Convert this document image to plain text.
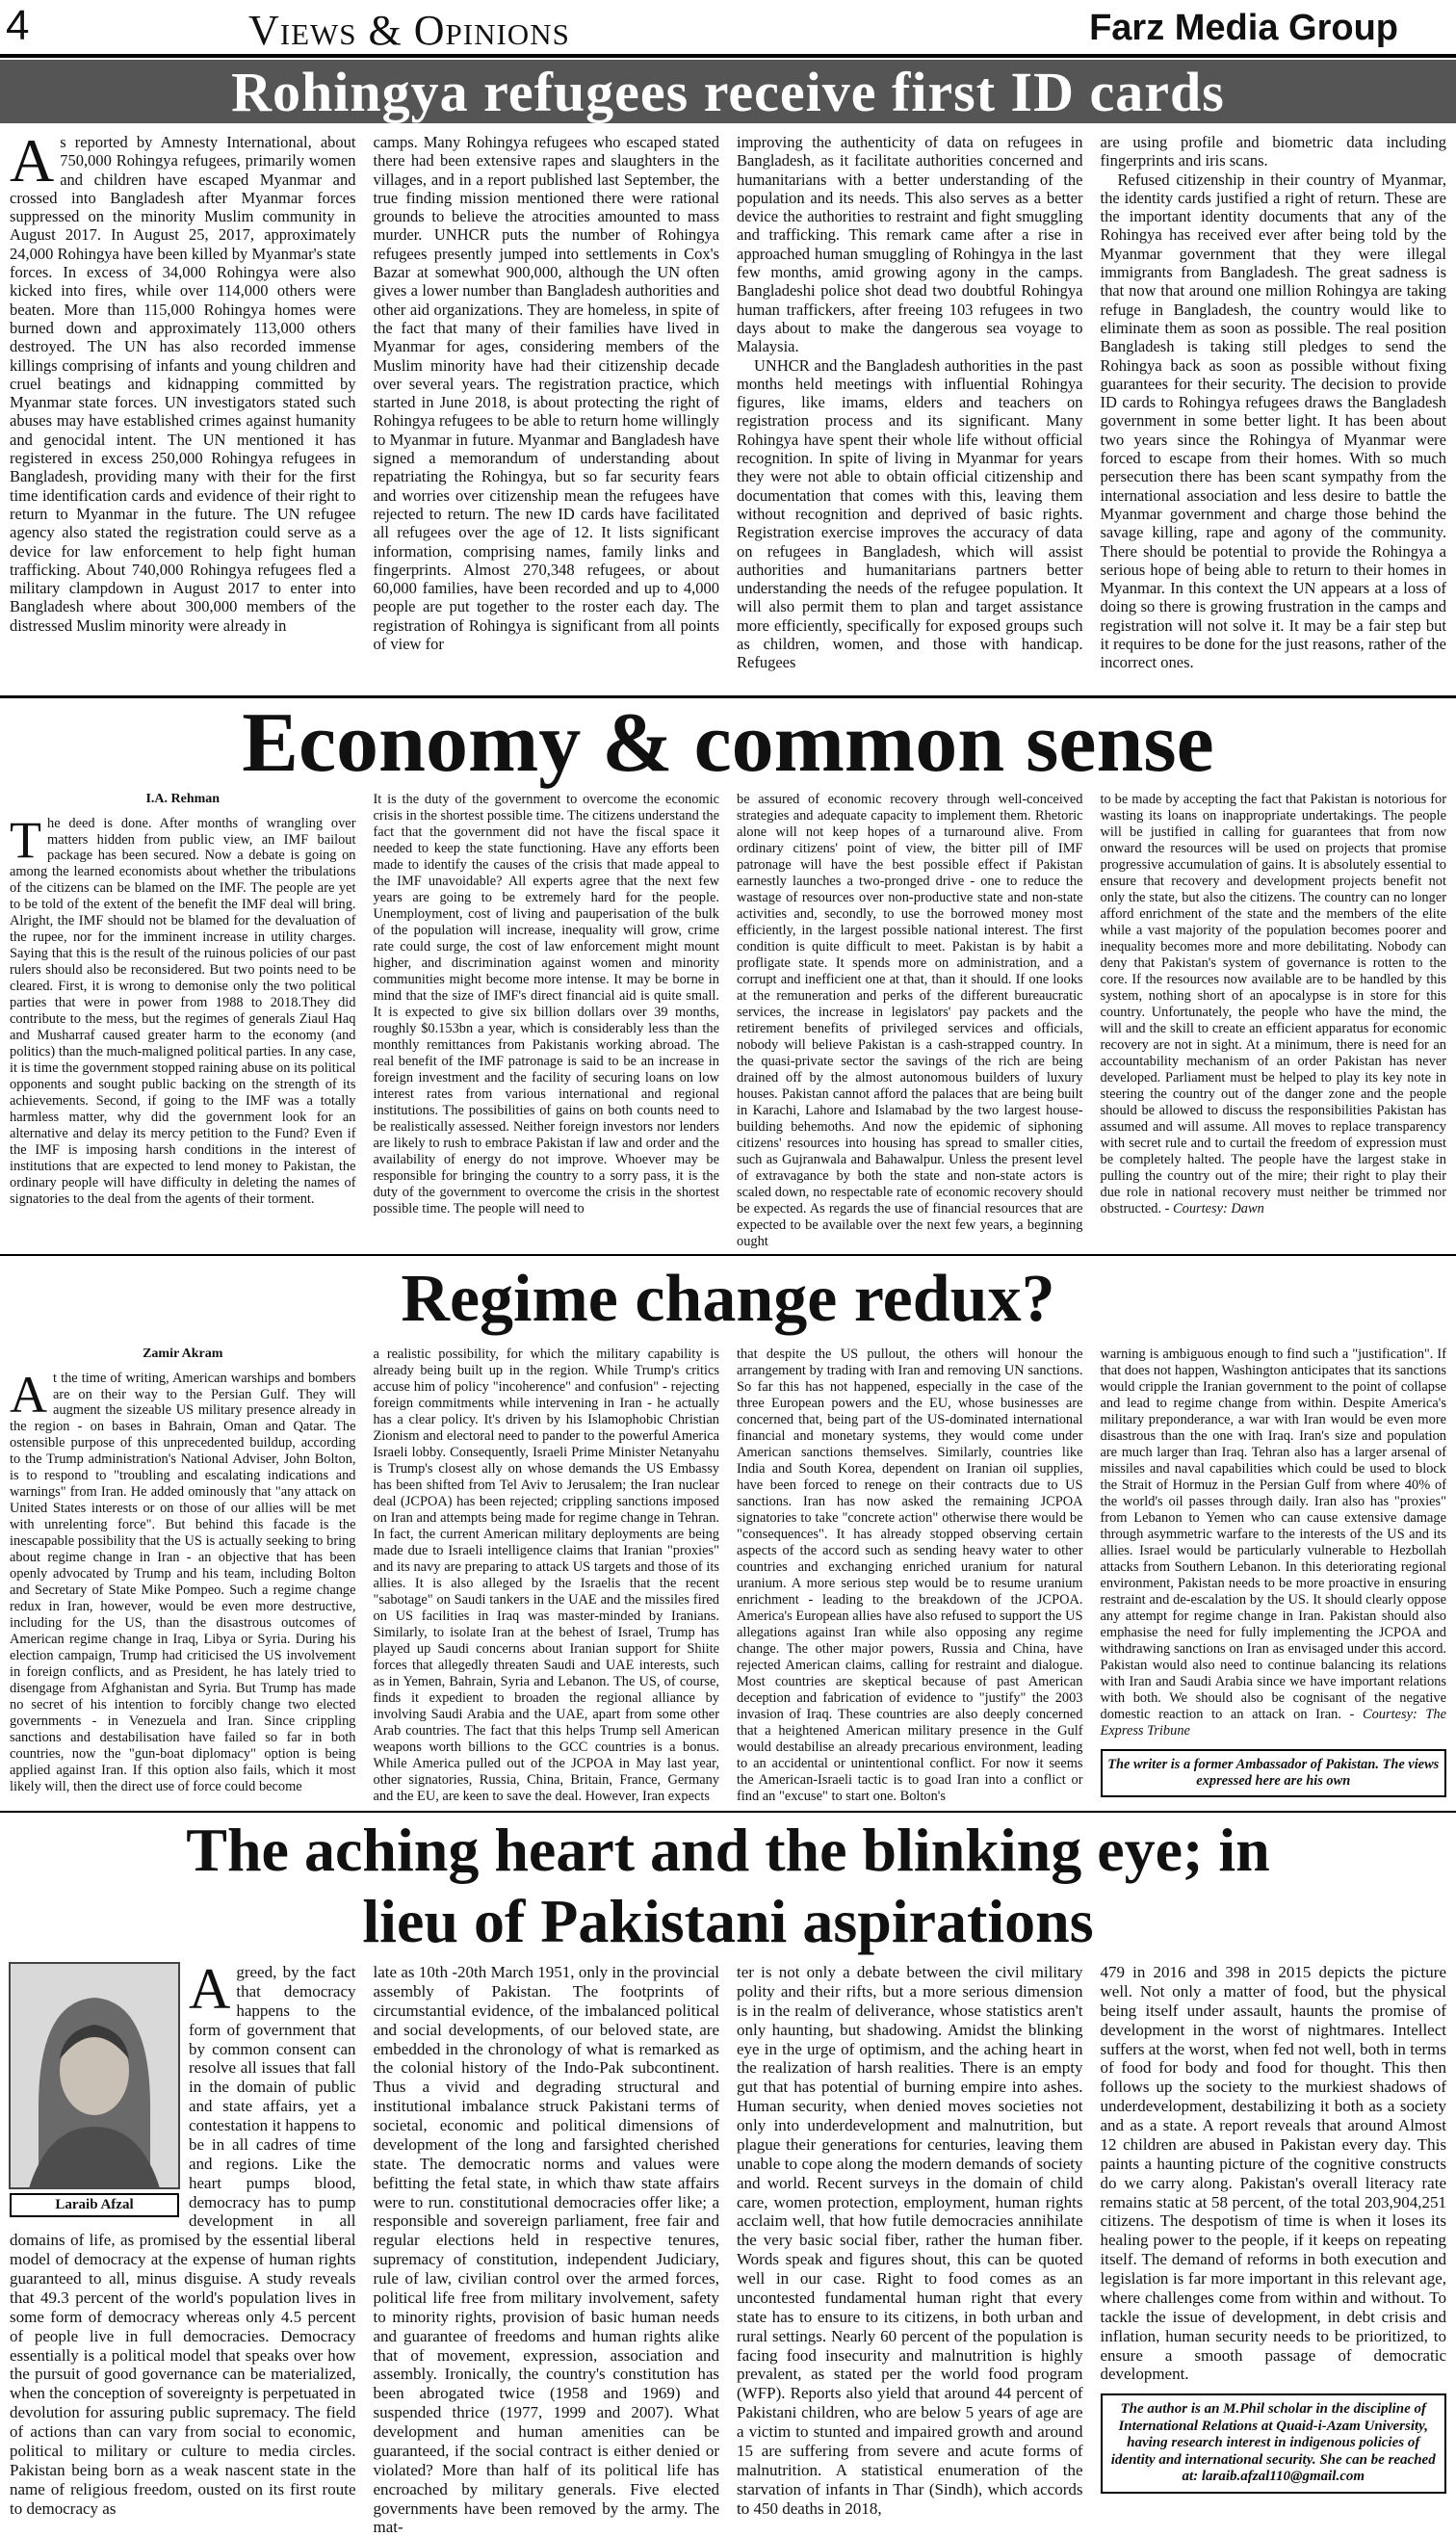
4	Views & Opinions	Farz Media Group
Rohingya refugees receive first ID cards
A s reported by Amnesty International, about 750,000 Rohingya refugees, primarily women and children have escaped Myanmar and crossed into Bangladesh after Myanmar forces suppressed on the minority Muslim community in August 2017. In August 25, 2017, approximately 24,000 Rohingya have been killed by Myanmar's state forces. In excess of 34,000 Rohingya were also kicked into fires, while over 114,000 others were beaten. More than 115,000 Rohingya homes were burned down and approximately 113,000 others destroyed. The UN has also recorded immense killings comprising of infants and young children and cruel beatings and kidnapping committed by Myanmar state forces. UN investigators stated such abuses may have established crimes against humanity and genocidal intent. The UN mentioned it has registered in excess 250,000 Rohingya refugees in Bangladesh, providing many with their for the first time identification cards and evidence of their right to return to Myanmar in the future. The UN refugee agency also stated the registration could serve as a device for law enforcement to help fight human trafficking. About 740,000 Rohingya refugees fled a military clampdown in August 2017 to enter into Bangladesh where about 300,000 members of the distressed Muslim minority were already in

camps. Many Rohingya refugees who escaped stated there had been extensive rapes and slaughters in the villages, and in a report published last September, the true finding mission mentioned there were rational grounds to believe the atrocities amounted to mass murder. UNHCR puts the number of Rohingya refugees presently jumped into settlements in Cox's Bazar at somewhat 900,000, although the UN often gives a lower number than Bangladesh authorities and other aid organizations. They are homeless, in spite of the fact that many of their families have lived in Myanmar for ages, considering members of the Muslim minority have had their citizenship decade over several years. The registration practice, which started in June 2018, is about protecting the right of Rohingya refugees to be able to return home willingly to Myanmar in future. Myanmar and Bangladesh have signed a memorandum of understanding about repatriating the Rohingya, but so far security fears and worries over citizenship mean the refugees have rejected to return. The new ID cards have facilitated all refugees over the age of 12. It lists significant information, comprising names, family links and fingerprints. Almost 270,348 refugees, or about 60,000 families, have been recorded and up to 4,000 people are put together to the roster each day. The registration of Rohingya is significant from all points of view for

improving the authenticity of data on refugees in Bangladesh, as it facilitate authorities concerned and humanitarians with a better understanding of the population and its needs. This also serves as a better device the authorities to restraint and fight smuggling and trafficking. This remark came after a rise in approached human smuggling of Rohingya in the last few months, amid growing agony in the camps. Bangladeshi police shot dead two doubtful Rohingya human traffickers, after freeing 103 refugees in two days about to make the dangerous sea voyage to Malaysia.

UNHCR and the Bangladesh authorities in the past months held meetings with influential Rohingya figures, like imams, elders and teachers on registration process and its significant. Many Rohingya have spent their whole life without official recognition. In spite of living in Myanmar for years they were not able to obtain official citizenship and documentation that comes with this, leaving them without recognition and deprived of basic rights. Registration exercise improves the accuracy of data on refugees in Bangladesh, which will assist authorities and humanitarians partners better understanding the needs of the refugee population. It will also permit them to plan and target assistance more efficiently, specifically for exposed groups such as children, women, and those with handicap. Refugees

are using profile and biometric data including fingerprints and iris scans.

Refused citizenship in their country of Myanmar, the identity cards justified a right of return. These are the important identity documents that any of the Rohingya has received ever after being told by the Myanmar government that they were illegal immigrants from Bangladesh. The great sadness is that now that around one million Rohingya are taking refuge in Bangladesh, the country would like to eliminate them as soon as possible. The real position Bangladesh is taking still pledges to send the Rohingya back as soon as possible without fixing guarantees for their security. The decision to provide ID cards to Rohingya refugees draws the Bangladesh government in some better light. It has been about two years since the Rohingya of Myanmar were forced to escape from their homes. With so much persecution there has been scant sympathy from the international association and less desire to battle the Myanmar government and charge those behind the savage killing, rape and agony of the community. There should be potential to provide the Rohingya a serious hope of being able to return to their homes in Myanmar. In this context the UN appears at a loss of doing so there is growing frustration in the camps and registration will not solve it. It may be a fair step but it requires to be done for the just reasons, rather of the incorrect ones.

Economy & common sense
I.A. Rehman
T he deed is done. After months of wrangling over matters hidden from public view, an IMF bailout package has been secured. Now a debate is going on among the learned economists about whether the tribulations of the citizens can be blamed on the IMF. The people are yet to be told of the extent of the benefit the IMF deal will bring. Alright, the IMF should not be blamed for the devaluation of the rupee, nor for the imminent increase in utility charges. Saying that this is the result of the ruinous policies of our past rulers should also be reconsidered. But two points need to be cleared. First, it is wrong to demonise only the two political parties that were in power from 1988 to 2018.They did contribute to the mess, but the regimes of generals Ziaul Haq and Musharraf caused greater harm to the economy (and politics) than the much-maligned political parties. In any case, it is time the government stopped raining abuse on its political opponents and sought public backing on the strength of its achievements. Second, if going to the IMF was a totally harmless matter, why did the government look for an alternative and delay its mercy petition to the Fund? Even if the IMF is imposing harsh conditions in the interest of institutions that are expected to lend money to Pakistan, the ordinary people will have difficulty in deleting the names of signatories to the deal from the agents of their torment.

It is the duty of the government to overcome the economic crisis in the shortest possible time. The citizens understand the fact that the government did not have the fiscal space it needed to keep the state functioning. Have any efforts been made to identify the causes of the crisis that made appeal to the IMF unavoidable? All experts agree that the next few years are going to be extremely hard for the people. Unemployment, cost of living and pauperisation of the bulk of the population will increase, inequality will grow, crime rate could surge, the cost of law enforcement might mount higher, and discrimination against women and minority communities might become more intense. It may be borne in mind that the size of IMF's direct financial aid is quite small. It is expected to give six billion dollars over 39 months, roughly $0.153bn a year, which is considerably less than the monthly remittances from Pakistanis working abroad. The real benefit of the IMF patronage is said to be an increase in foreign investment and the facility of securing loans on low interest rates from various international and regional institutions. The possibilities of gains on both counts need to be realistically assessed. Neither foreign investors nor lenders are likely to rush to embrace Pakistan if law and order and the availability of energy do not improve. Whoever may be responsible for bringing the country to a sorry pass, it is the duty of the government to overcome the crisis in the shortest possible time. The people will need to

be assured of economic recovery through well-conceived strategies and adequate capacity to implement them. Rhetoric alone will not keep hopes of a turnaround alive. From ordinary citizens' point of view, the bitter pill of IMF patronage will have the best possible effect if Pakistan earnestly launches a two-pronged drive - one to reduce the wastage of resources over non-productive state and non-state activities and, secondly, to use the borrowed money most efficiently, in the largest possible national interest. The first condition is quite difficult to meet. Pakistan is by habit a profligate state. It spends more on administration, and a corrupt and inefficient one at that, than it should. If one looks at the remuneration and perks of the different bureaucratic services, the increase in legislators' pay packets and the retirement benefits of privileged services and officials, nobody will believe Pakistan is a cash-strapped country. In the quasi-private sector the savings of the rich are being drained off by the almost autonomous builders of luxury houses. Pakistan cannot afford the palaces that are being built in Karachi, Lahore and Islamabad by the two largest house-building behemoths. And now the epidemic of siphoning citizens' resources into housing has spread to smaller cities, such as Gujranwala and Bahawalpur. Unless the present level of extravagance by both the state and non-state actors is scaled down, no respectable rate of economic recovery should be expected. As regards the use of financial resources that are expected to be available over the next few years, a beginning ought

to be made by accepting the fact that Pakistan is notorious for wasting its loans on inappropriate undertakings. The people will be justified in calling for guarantees that from now onward the resources will be used on projects that promise progressive accumulation of gains. It is absolutely essential to ensure that recovery and development projects benefit not only the state, but also the citizens. The country can no longer afford enrichment of the state and the members of the elite while a vast majority of the population becomes poorer and inequality becomes more and more debilitating. Nobody can deny that Pakistan's system of governance is rotten to the core. If the resources now available are to be handled by this system, nothing short of an apocalypse is in store for this country. Unfortunately, the people who have the mind, the will and the skill to create an efficient apparatus for economic recovery are not in sight. At a minimum, there is need for an accountability mechanism of an order Pakistan has never developed. Parliament must be helped to play its key note in steering the country out of the danger zone and the people should be allowed to discuss the responsibilities Pakistan has assumed and will assume. All moves to replace transparency with secret rule and to curtail the freedom of expression must be completely halted. The people have the largest stake in pulling the country out of the mire; their right to play their due role in national recovery must neither be trimmed nor obstructed. - Courtesy: Dawn
Regime change redux?
Zamir Akram
A t the time of writing, American warships and bombers are on their way to the Persian Gulf. They will augment the sizeable US military presence already in the region - on bases in Bahrain, Oman and Qatar. The ostensible purpose of this unprecedented buildup, according to the Trump administration's National Adviser, John Bolton, is to respond to "troubling and escalating indications and warnings" from Iran. He added ominously that "any attack on United States interests or on those of our allies will be met with unrelenting force". But behind this facade is the inescapable possibility that the US is actually seeking to bring about regime change in Iran - an objective that has been openly advocated by Trump and his team, including Bolton and Secretary of State Mike Pompeo. Such a regime change redux in Iran, however, would be even more destructive, including for the US, than the disastrous outcomes of American regime change in Iraq, Libya or Syria. During his election campaign, Trump had criticised the US involvement in foreign conflicts, and as President, he has lately tried to disengage from Afghanistan and Syria. But Trump has made no secret of his intention to forcibly change two elected governments - in Venezuela and Iran. Since crippling sanctions and destabilisation have failed so far in both countries, now the "gun-boat diplomacy" option is being applied against Iran. If this option also fails, which it most likely will, then the direct use of force could become

a realistic possibility, for which the military capability is already being built up in the region. While Trump's critics accuse him of policy "incoherence" and confusion" - rejecting foreign commitments while intervening in Iran - he actually has a clear policy. It's driven by his Islamophobic Christian Zionism and electoral need to pander to the powerful America Israeli lobby. Consequently, Israeli Prime Minister Netanyahu is Trump's closest ally on whose demands the US Embassy has been shifted from Tel Aviv to Jerusalem; the Iran nuclear deal (JCPOA) has been rejected; crippling sanctions imposed on Iran and attempts being made for regime change in Tehran. In fact, the current American military deployments are being made due to Israeli intelligence claims that Iranian "proxies" and its navy are preparing to attack US targets and those of its allies. It is also alleged by the Israelis that the recent "sabotage" on Saudi tankers in the UAE and the missiles fired on US facilities in Iraq was master-minded by Iranians. Similarly, to isolate Iran at the behest of Israel, Trump has played up Saudi concerns about Iranian support for Shiite forces that allegedly threaten Saudi and UAE interests, such as in Yemen, Bahrain, Syria and Lebanon. The US, of course, finds it expedient to broaden the regional alliance by involving Saudi Arabia and the UAE, apart from some other Arab countries. The fact that this helps Trump sell American weapons worth billions to the GCC countries is a bonus. While America pulled out of the JCPOA in May last year, other signatories, Russia, China, Britain, France, Germany and the EU, are keen to save the deal. However, Iran expects

that despite the US pullout, the others will honour the arrangement by trading with Iran and removing UN sanctions. So far this has not happened, especially in the case of the three European powers and the EU, whose businesses are concerned that, being part of the US-dominated international financial and monetary systems, they would come under American sanctions themselves. Similarly, countries like India and South Korea, dependent on Iranian oil supplies, have been forced to renege on their contracts due to US sanctions. Iran has now asked the remaining JCPOA signatories to take "concrete action" otherwise there would be "consequences". It has already stopped observing certain aspects of the accord such as sending heavy water to other countries and exchanging enriched uranium for natural uranium. A more serious step would be to resume uranium enrichment - leading to the breakdown of the JCPOA. America's European allies have also refused to support the US allegations against Iran while also opposing any regime change. The other major powers, Russia and China, have rejected American claims, calling for restraint and dialogue. Most countries are skeptical because of past American deception and fabrication of evidence to "justify" the 2003 invasion of Iraq. These countries are also deeply concerned that a heightened American military presence in the Gulf would destabilise an already precarious environment, leading to an accidental or unintentional conflict. For now it seems the American-Israeli tactic is to goad Iran into a conflict or find an "excuse" to start one. Bolton's

warning is ambiguous enough to find such a "justification". If that does not happen, Washington anticipates that its sanctions would cripple the Iranian government to the point of collapse and lead to regime change from within. Despite America's military preponderance, a war with Iran would be even more disastrous than the one with Iraq. Iran's size and population are much larger than Iraq. Tehran also has a larger arsenal of missiles and naval capabilities which could be used to block the Strait of Hormuz in the Persian Gulf from where 40% of the world's oil passes through daily. Iran also has "proxies" from Lebanon to Yemen who can cause extensive damage through asymmetric warfare to the interests of the US and its allies. Israel would be particularly vulnerable to Hezbollah attacks from Southern Lebanon. In this deteriorating regional environment, Pakistan needs to be more proactive in ensuring restraint and de-escalation by the US. It should clearly oppose any attempt for regime change in Iran. Pakistan should also emphasise the need for fully implementing the JCPOA and withdrawing sanctions on Iran as envisaged under this accord. Pakistan would also need to continue balancing its relations with Iran and Saudi Arabia since we have important relations with both. We should also be cognisant of the negative domestic reaction to an attack on Iran. - Courtesy: The Express Tribune
The writer is a former Ambassador of Pakistan. The views expressed here are his own
The aching heart and the blinking eye; in
lieu of Pakistani aspirations
Laraib Afzal
A greed, by the fact that democracy happens to the form of government that by common consent can resolve all issues that fall in the domain of public and state affairs, yet a contestation it happens to be in all cadres of time and regions. Like the heart pumps blood, democracy has to pump development in all domains of life, as promised by the essential liberal model of democracy at the expense of human rights guaranteed to all, minus disguise. A study reveals that 49.3 percent of the world's population lives in some form of democracy whereas only 4.5 percent of people live in full democracies. Democracy essentially is a political model that speaks over how the pursuit of good governance can be materialized, when the conception of sovereignty is perpetuated in devolution for assuring public supremacy. The field of actions than can vary from social to economic, political to military or culture to media circles. Pakistan being born as a weak nascent state in the name of religious freedom, ousted on its first route to democracy as

late as 10th -20th March 1951, only in the provincial assembly of Pakistan. The footprints of circumstantial evidence, of the imbalanced political and social developments, of our beloved state, are embedded in the chronology of what is remarked as the colonial history of the Indo-Pak subcontinent. Thus a vivid and degrading structural and institutional imbalance struck Pakistani terms of societal, economic and political dimensions of development of the long and farsighted cherished state. The democratic norms and values were befitting the fetal state, in which thaw state affairs were to run. constitutional democracies offer like; a responsible and sovereign parliament, free fair and regular elections held in respective tenures, supremacy of constitution, independent Judiciary, rule of law, civilian control over the armed forces, political life free from military involvement, safety to minority rights, provision of basic human needs and guarantee of freedoms and human rights alike that of movement, expression, association and assembly. Ironically, the country's constitution has been abrogated twice (1958 and 1969) and suspended thrice (1977, 1999 and 2007). What development and human amenities can be guaranteed, if the social contract is either denied or violated? More than half of its political life has encroached by military generals. Five elected governments have been removed by the army. The mat-

ter is not only a debate between the civil military polity and their rifts, but a more serious dimension is in the realm of deliverance, whose statistics aren't only haunting, but shadowing. Amidst the blinking eye in the urge of optimism, and the aching heart in the realization of harsh realities. There is an empty gut that has potential of burning empire into ashes. Human security, when denied moves societies not only into underdevelopment and malnutrition, but plague their generations for centuries, leaving them unable to cope along the modern demands of society and world. Recent surveys in the domain of child care, women protection, employment, human rights acclaim well, that how futile democracies annihilate the very basic social fiber, rather the human fiber. Words speak and figures shout, this can be quoted well in our case. Right to food comes as an uncontested fundamental human right that every state has to ensure to its citizens, in both urban and rural settings. Nearly 60 percent of the population is facing food insecurity and malnutrition is highly prevalent, as stated per the world food program (WFP). Reports also yield that around 44 percent of Pakistani children, who are below 5 years of age are a victim to stunted and impaired growth and around 15 are suffering from severe and acute forms of malnutrition. A statistical enumeration of the starvation of infants in Thar (Sindh), which accords to 450 deaths in 2018,

479 in 2016 and 398 in 2015 depicts the picture well. Not only a matter of food, but the physical being itself under assault, haunts the promise of development in the worst of nightmares. Intellect suffers at the worst, when fed not well, both in terms of food for body and food for thought. This then follows up the society to the murkiest shadows of underdevelopment, destabilizing it both as a society and as a state. A report reveals that around Almost 12 children are abused in Pakistan every day. This paints a haunting picture of the cognitive constructs do we carry along. Pakistan's overall literacy rate remains static at 58 percent, of the total 203,904,251 citizens. The despotism of time is when it loses its healing power to the people, if it keeps on repeating itself. The demand of reforms in both execution and legislation is far more important in this relevant age, where challenges come from within and without. To tackle the issue of development, in debt crisis and inflation, human security needs to be prioritized, to ensure a smooth passage of democratic development.

The author is an M.Phil scholar in the discipline of International Relations at Quaid-i-Azam University, having research interest in indigenous policies of identity and international security. She can be reached at: laraib.afzal110@gmail.com
